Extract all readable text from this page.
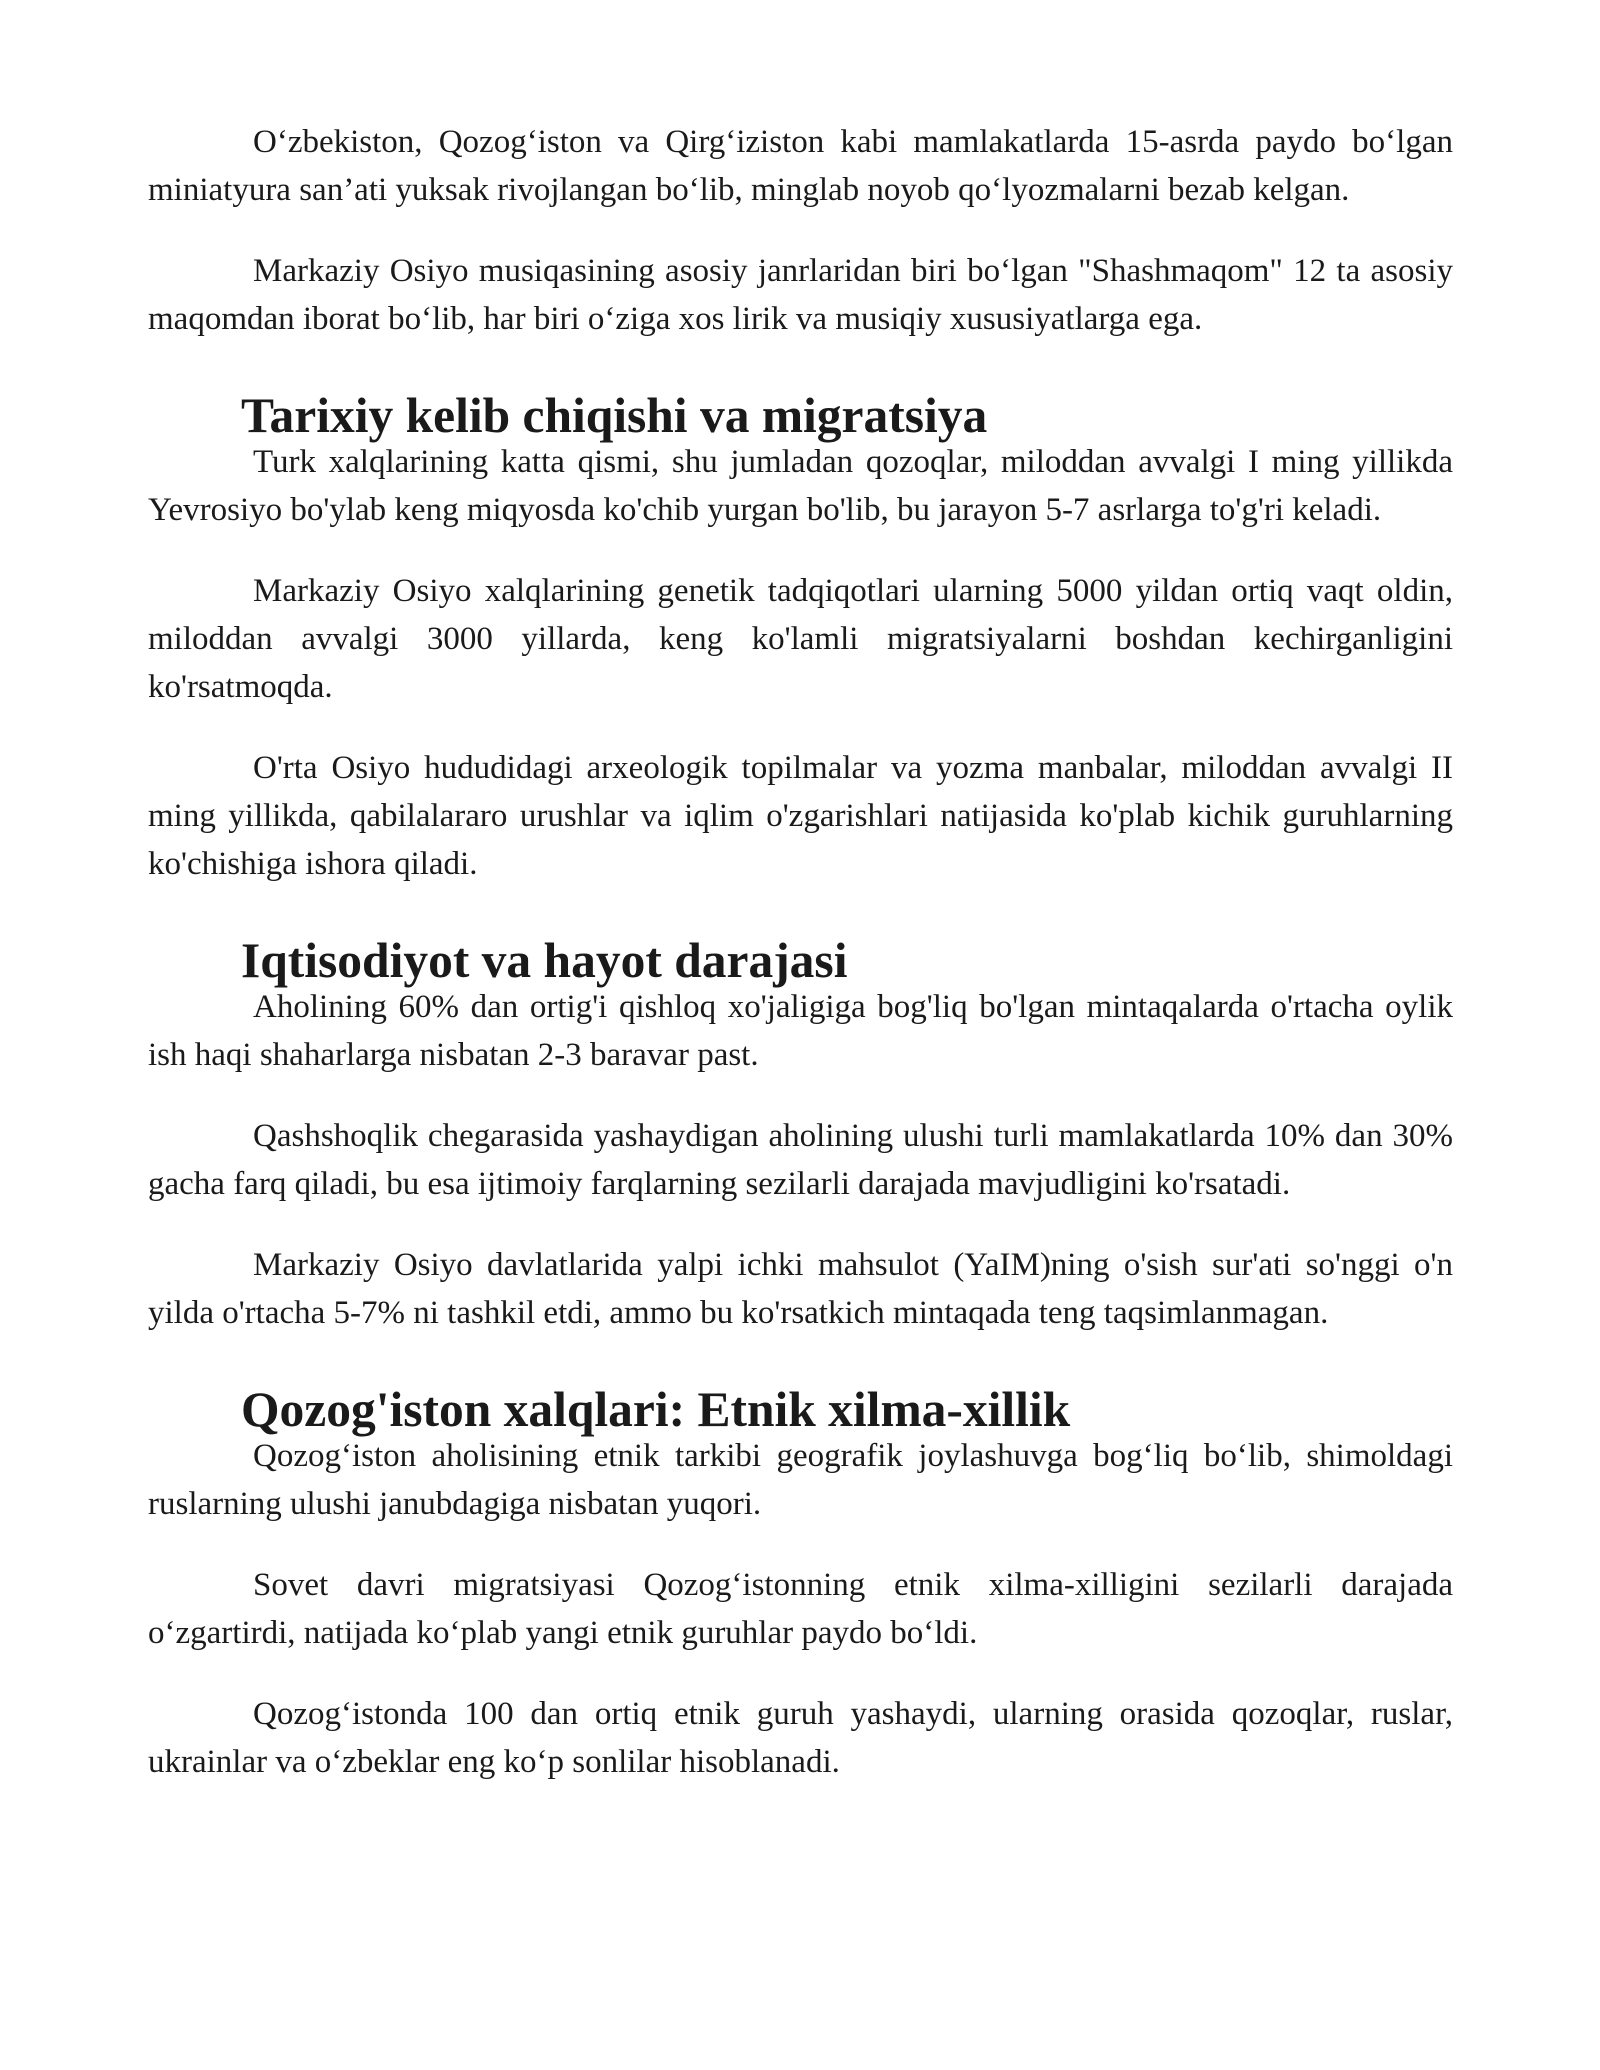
Oʻzbekiston, Qozogʻiston va Qirgʻiziston kabi mamlakatlarda 15-asrda paydo boʻlgan miniatyura san’ati yuksak rivojlangan boʻlib, minglab noyob qoʻlyozmalarni bezab kelgan.

Markaziy Osiyo musiqasining asosiy janrlaridan biri boʻlgan "Shashmaqom" 12 ta asosiy maqomdan iborat boʻlib, har biri oʻziga xos lirik va musiqiy xususiyatlarga ega.

Tarixiy kelib chiqishi va migratsiya

Turk xalqlarining katta qismi, shu jumladan qozoqlar, miloddan avvalgi I ming yillikda Yevrosiyo bo'ylab keng miqyosda ko'chib yurgan bo'lib, bu jarayon 5-7 asrlarga to'g'ri keladi.

Markaziy Osiyo xalqlarining genetik tadqiqotlari ularning 5000 yildan ortiq vaqt oldin, miloddan avvalgi 3000 yillarda, keng ko'lamli migratsiyalarni boshdan kechirganligini ko'rsatmoqda.

O'rta Osiyo hududidagi arxeologik topilmalar va yozma manbalar, miloddan avvalgi II ming yillikda, qabilalararo urushlar va iqlim o'zgarishlari natijasida ko'plab kichik guruhlarning ko'chishiga ishora qiladi.

Iqtisodiyot va hayot darajasi

Aholining 60% dan ortig'i qishloq xo'jaligiga bog'liq bo'lgan mintaqalarda o'rtacha oylik ish haqi shaharlarga nisbatan 2-3 baravar past.

Qashshoqlik chegarasida yashaydigan aholining ulushi turli mamlakatlarda 10% dan 30% gacha farq qiladi, bu esa ijtimoiy farqlarning sezilarli darajada mavjudligini ko'rsatadi.

Markaziy Osiyo davlatlarida yalpi ichki mahsulot (YaIM)ning o'sish sur'ati so'nggi o'n yilda o'rtacha 5-7% ni tashkil etdi, ammo bu ko'rsatkich mintaqada teng taqsimlanmagan.

Qozog'iston xalqlari: Etnik xilma-xillik

Qozogʻiston aholisining etnik tarkibi geografik joylashuvga bogʻliq boʻlib, shimoldagi ruslarning ulushi janubdagiga nisbatan yuqori.

Sovet davri migratsiyasi Qozogʻistonning etnik xilma-xilligini sezilarli darajada oʻzgartirdi, natijada koʻplab yangi etnik guruhlar paydo boʻldi.

Qozogʻistonda 100 dan ortiq etnik guruh yashaydi, ularning orasida qozoqlar, ruslar, ukrainlar va oʻzbeklar eng koʻp sonlilar hisoblanadi.
